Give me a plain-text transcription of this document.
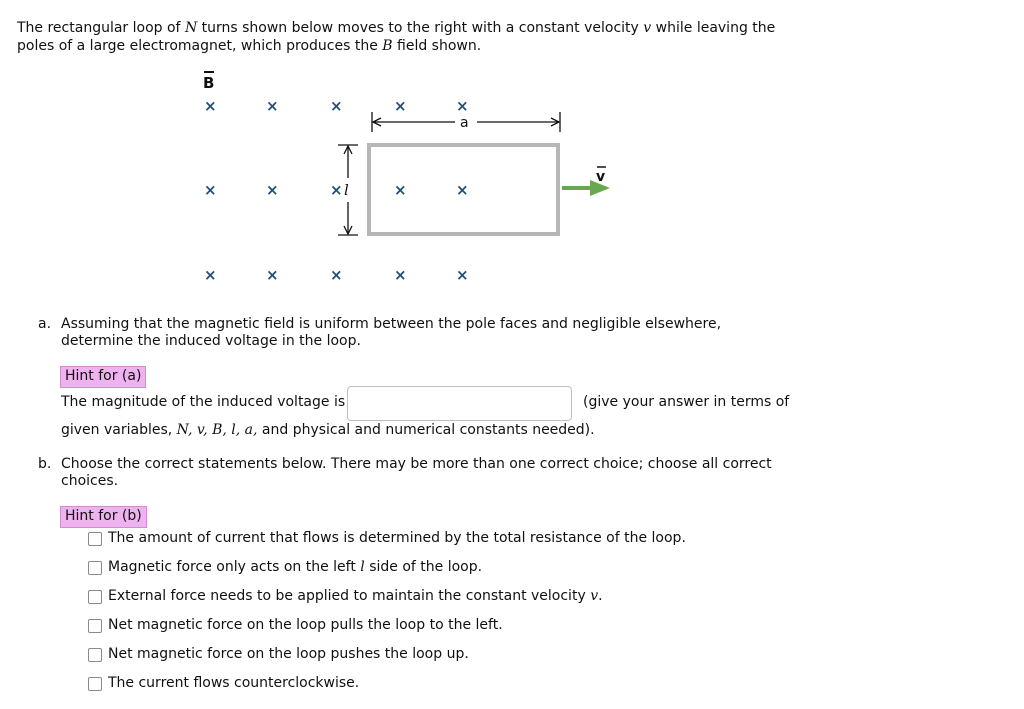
The rectangular loop of N turns shown below moves to the right with a constant velocity v while leaving the
poles of a large electromagnet, which produces the B field shown.
B
×	×	×	×	×
×	×	×	×	×
×	×	×	×	×
a
l
v
a. Assuming that the magnetic field is uniform between the pole faces and negligible elsewhere,
determine the induced voltage in the loop.
Hint for (a)
The magnitude of the induced voltage is	(give your answer in terms of
given variables, N, v, B, l, a, and physical and numerical constants needed).
b. Choose the correct statements below. There may be more than one correct choice; choose all correct
choices.
Hint for (b)
The amount of current that flows is determined by the total resistance of the loop.
Magnetic force only acts on the left l side of the loop.
External force needs to be applied to maintain the constant velocity v.
Net magnetic force on the loop pulls the loop to the left.
Net magnetic force on the loop pushes the loop up.
The current flows counterclockwise.
